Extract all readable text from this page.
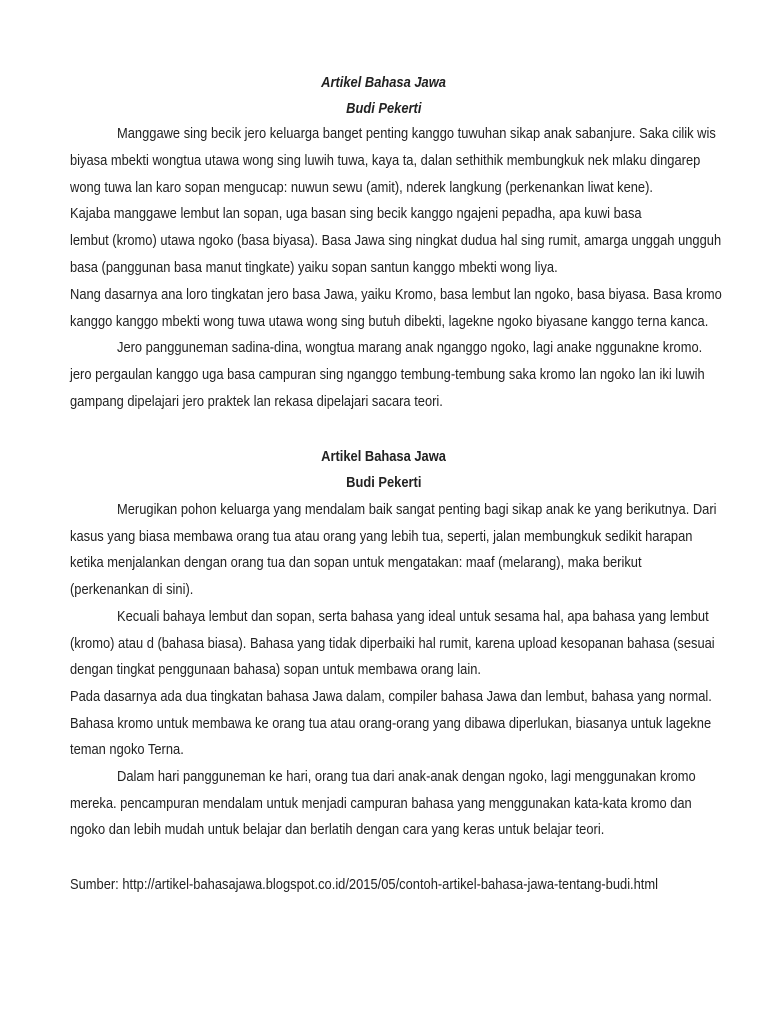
Artikel Bahasa Jawa
Budi Pekerti
Manggawe sing becik jero keluarga banget penting kanggo tuwuhan sikap anak sabanjure. Saka cilik wis
biyasa mbekti wongtua utawa wong sing luwih tuwa, kaya ta, dalan sethithik membungkuk nek mlaku dingarep
wong tuwa lan karo sopan mengucap: nuwun sewu (amit), nderek langkung (perkenankan liwat kene).
Kajaba manggawe lembut lan sopan, uga basan sing becik kanggo ngajeni pepadha, apa kuwi basa
lembut (kromo) utawa ngoko (basa biyasa). Basa Jawa sing ningkat dudua hal sing rumit, amarga unggah ungguh
basa (panggunan basa manut tingkate) yaiku sopan santun kanggo mbekti wong liya.
Nang dasarnya ana loro tingkatan jero basa Jawa, yaiku Kromo, basa lembut lan ngoko, basa biyasa. Basa kromo
kanggo kanggo mbekti wong tuwa utawa wong sing butuh dibekti, lagekne ngoko biyasane kanggo terna kanca.
Jero pangguneman sadina-dina, wongtua marang anak nganggo ngoko, lagi anake nggunakne kromo.
jero pergaulan kanggo uga basa campuran sing nganggo tembung-tembung saka kromo lan ngoko lan iki luwih
gampang dipelajari jero praktek lan rekasa dipelajari sacara teori.
Artikel Bahasa Jawa
Budi Pekerti
Merugikan pohon keluarga yang mendalam baik sangat penting bagi sikap anak ke yang berikutnya. Dari
kasus yang biasa membawa orang tua atau orang yang lebih tua, seperti, jalan membungkuk sedikit harapan
ketika menjalankan dengan orang tua dan sopan untuk mengatakan: maaf (melarang), maka berikut
(perkenankan di sini).
Kecuali bahaya lembut dan sopan, serta bahasa yang ideal untuk sesama hal, apa bahasa yang lembut
(kromo) atau d (bahasa biasa). Bahasa yang tidak diperbaiki hal rumit, karena upload kesopanan bahasa (sesuai
dengan tingkat penggunaan bahasa) sopan untuk membawa orang lain.
Pada dasarnya ada dua tingkatan bahasa Jawa dalam, compiler bahasa Jawa dan lembut, bahasa yang normal.
Bahasa kromo untuk membawa ke orang tua atau orang-orang yang dibawa diperlukan, biasanya untuk lagekne
teman ngoko Terna.
Dalam hari pangguneman ke hari, orang tua dari anak-anak dengan ngoko, lagi menggunakan kromo
mereka. pencampuran mendalam untuk menjadi campuran bahasa yang menggunakan kata-kata kromo dan
ngoko dan lebih mudah untuk belajar dan berlatih dengan cara yang keras untuk belajar teori.
Sumber: http://artikel-bahasajawa.blogspot.co.id/2015/05/contoh-artikel-bahasa-jawa-tentang-budi.html
